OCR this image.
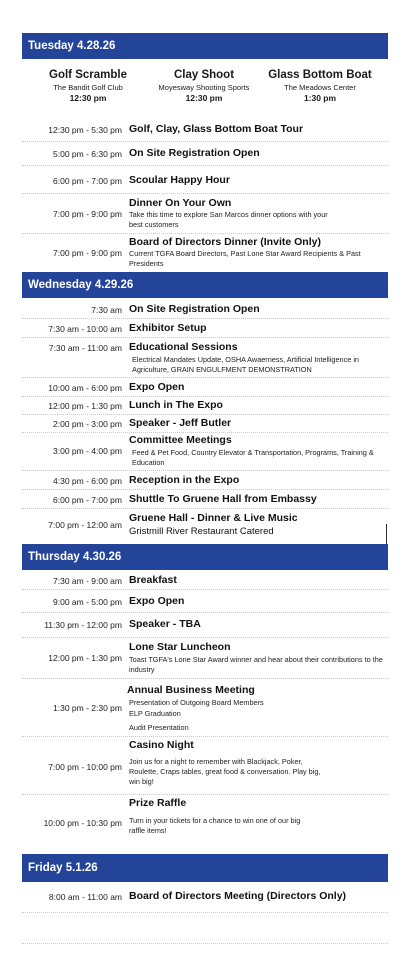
Tuesday 4.28.26
Golf Scramble
The Bandit Golf Club
12:30 pm
Clay Shoot
Moyesway Shooting Sports
12:30 pm
Glass Bottom Boat
The Meadows Center
1:30 pm
12:30 pm - 5:30 pm Golf, Clay, Glass Bottom Boat Tour
5:00 pm - 6:30 pm On Site Registration Open
6:00 pm - 7:00 pm Scoular Happy Hour
7:00 pm - 9:00 pm
Dinner On Your Own
Take this time to explore San Marcos dinner options with your best customers
7:00 pm - 9:00 pm
Board of Directors Dinner (Invite Only)
Current TGFA Board Directors, Past Lone Star Award Recipients & Past Presidents
Wednesday 4.29.26
7:30 am On Site Registration Open
7:30 am - 10:00 am Exhibitor Setup
7:30 am - 11:00 am Educational Sessions
Electrical Mandates Update, OSHA Awaerness, Artificial Intelligence in Agriculture, GRAIN ENGULFMENT DEMONSTRATION
10:00 am - 6:00 pm Expo Open
12:00 pm - 1:30 pm Lunch in The Expo
2:00 pm - 3:00 pm Speaker - Jeff Butler
3:00 pm - 4:00 pm
Committee Meetings
Feed & Pet Food, Country Elevator & Transportation, Programs, Training & Education
4:30 pm - 6:00 pm Reception in the Expo
6:00 pm - 7:00 pm Shuttle To Gruene Hall from Embassy
7:00 pm - 12:00 am
Gruene Hall - Dinner & Live Music
Gristmill River Restaurant Catered
Thursday 4.30.26
7:30 am - 9:00 am Breakfast
9:00 am - 5:00 pm Expo Open
11:30 pm - 12:00 pm Speaker - TBA
12:00 pm - 1:30 pm
Lone Star Luncheon
Toast TGFA's Lone Star Award winner and hear about their contributions to the industry
1:30 pm - 2:30 pm
Annual Business Meeting
Presentation of Outgoing Board Members
ELP Graduation
Audit Presentation
7:00 pm - 10:00 pm
Casino Night
Join us for a night to remember with Blackjack, Poker, Roulette, Craps tables, great food & conversation. Play big, win big!
10:00 pm - 10:30 pm
Prize Raffle
Turn in your tickets for a chance to win one of our big raffle items!
Friday 5.1.26
8:00 am - 11:00 am Board of Directors Meeting (Directors Only)
